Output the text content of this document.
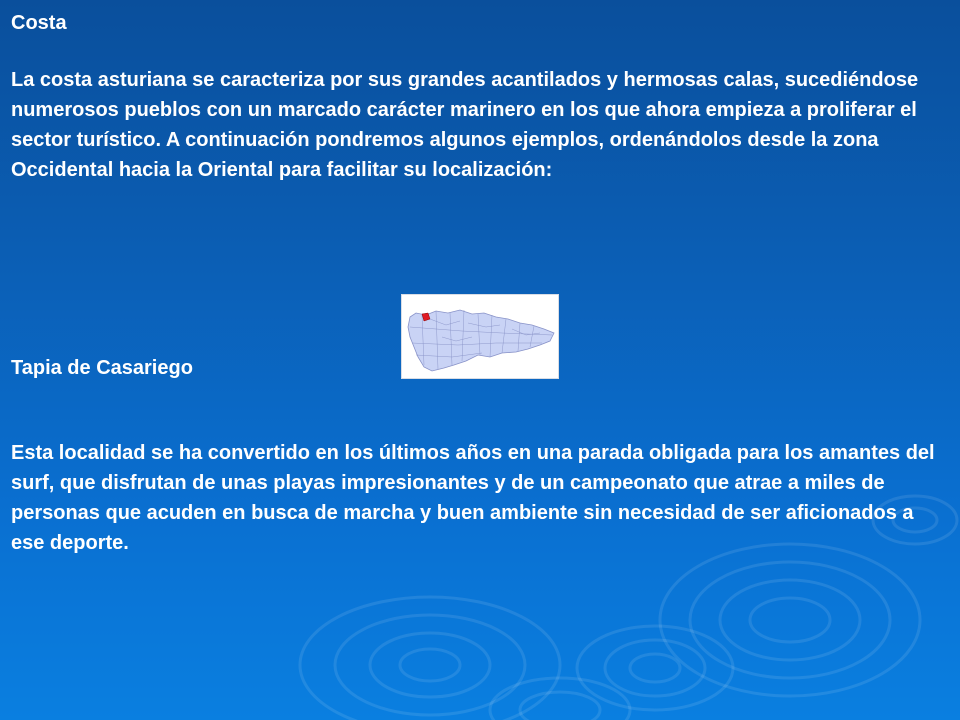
Costa
La costa asturiana se caracteriza por sus grandes acantilados y hermosas calas, sucediéndose numerosos pueblos con un marcado carácter marinero en los que ahora empieza a proliferar el sector turístico. A continuación pondremos algunos ejemplos, ordenándolos desde la zona Occidental hacia la Oriental para facilitar su localización:
Tapia de Casariego
Esta localidad se ha convertido en los últimos años en una parada obligada para los amantes del surf, que disfrutan de unas playas impresionantes y de un campeonato que atrae a miles de personas que acuden en busca de marcha y buen ambiente sin necesidad de ser aficionados a ese deporte.
